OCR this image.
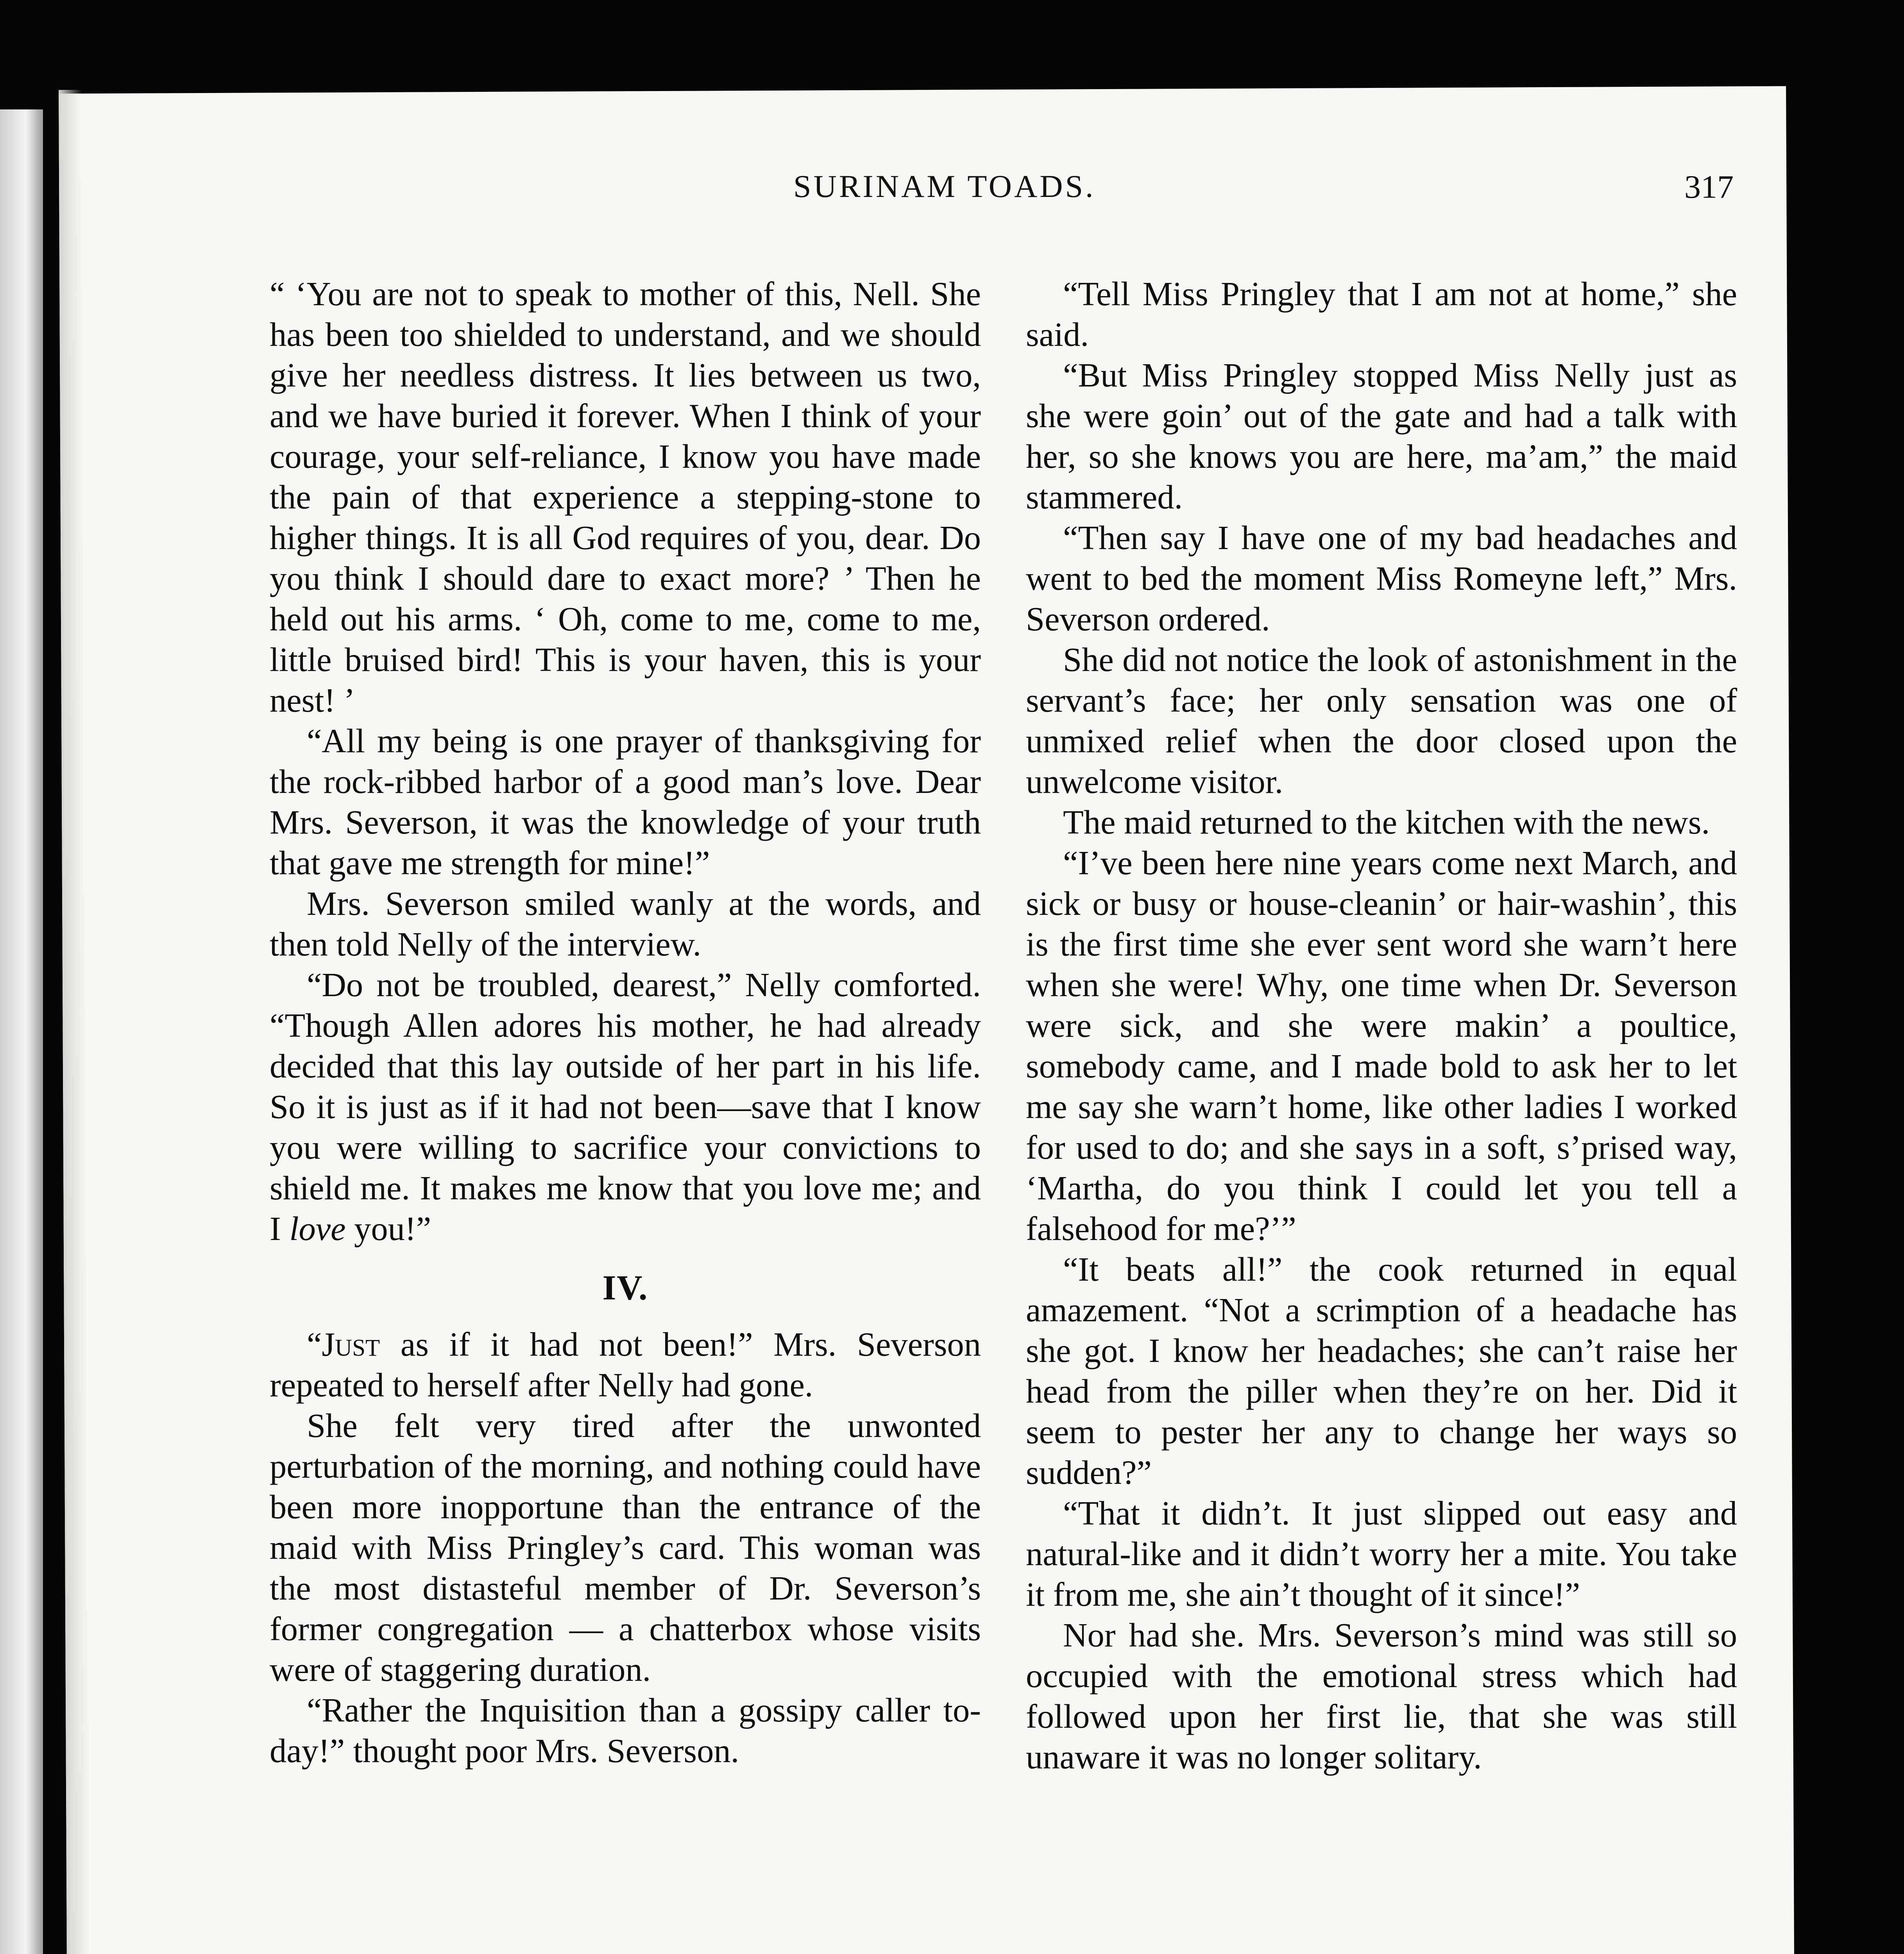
SURINAM TOADS.	317

“ ‘You are not to speak to mother of this, Nell. She has been too shielded to understand, and we should give her needless distress. It lies between us two, and we have buried it forever. When I think of your courage, your self-reliance, I know you have made the pain of that experience a stepping-stone to higher things. It is all God requires of you, dear. Do you think I should dare to exact more? ’ Then he held out his arms. ‘ Oh, come to me, come to me, little bruised bird! This is your haven, this is your nest! ’

“All my being is one prayer of thanksgiving for the rock-ribbed harbor of a good man’s love. Dear Mrs. Severson, it was the knowledge of your truth that gave me strength for mine!”

Mrs. Severson smiled wanly at the words, and then told Nelly of the interview.

“Do not be troubled, dearest,” Nelly comforted. “Though Allen adores his mother, he had already decided that this lay outside of her part in his life. So it is just as if it had not been—save that I know you were willing to sacrifice your convictions to shield me. It makes me know that you love me; and I love you!”

IV.

“Just as if it had not been!” Mrs. Severson repeated to herself after Nelly had gone.

She felt very tired after the unwonted perturbation of the morning, and nothing could have been more inopportune than the entrance of the maid with Miss Pringley’s card. This woman was the most distasteful member of Dr. Severson’s former congregation — a chatterbox whose visits were of staggering duration.

“Rather the Inquisition than a gossipy caller to-day!” thought poor Mrs. Severson.

“Tell Miss Pringley that I am not at home,” she said.

“But Miss Pringley stopped Miss Nelly just as she were goin’ out of the gate and had a talk with her, so she knows you are here, ma’am,” the maid stammered.

“Then say I have one of my bad headaches and went to bed the moment Miss Romeyne left,” Mrs. Severson ordered.

She did not notice the look of astonishment in the servant’s face; her only sensation was one of unmixed relief when the door closed upon the unwelcome visitor.

The maid returned to the kitchen with the news.

“I’ve been here nine years come next March, and sick or busy or house-cleanin’ or hair-washin’, this is the first time she ever sent word she warn’t here when she were! Why, one time when Dr. Severson were sick, and she were makin’ a poultice, somebody came, and I made bold to ask her to let me say she warn’t home, like other ladies I worked for used to do; and she says in a soft, s’prised way, ‘Martha, do you think I could let you tell a falsehood for me?’”

“It beats all!” the cook returned in equal amazement. “Not a scrimption of a headache has she got. I know her headaches; she can’t raise her head from the piller when they’re on her. Did it seem to pester her any to change her ways so sudden?”

“That it didn’t. It just slipped out easy and natural-like and it didn’t worry her a mite. You take it from me, she ain’t thought of it since!”

Nor had she. Mrs. Severson’s mind was still so occupied with the emotional stress which had followed upon her first lie, that she was still unaware it was no longer solitary.
